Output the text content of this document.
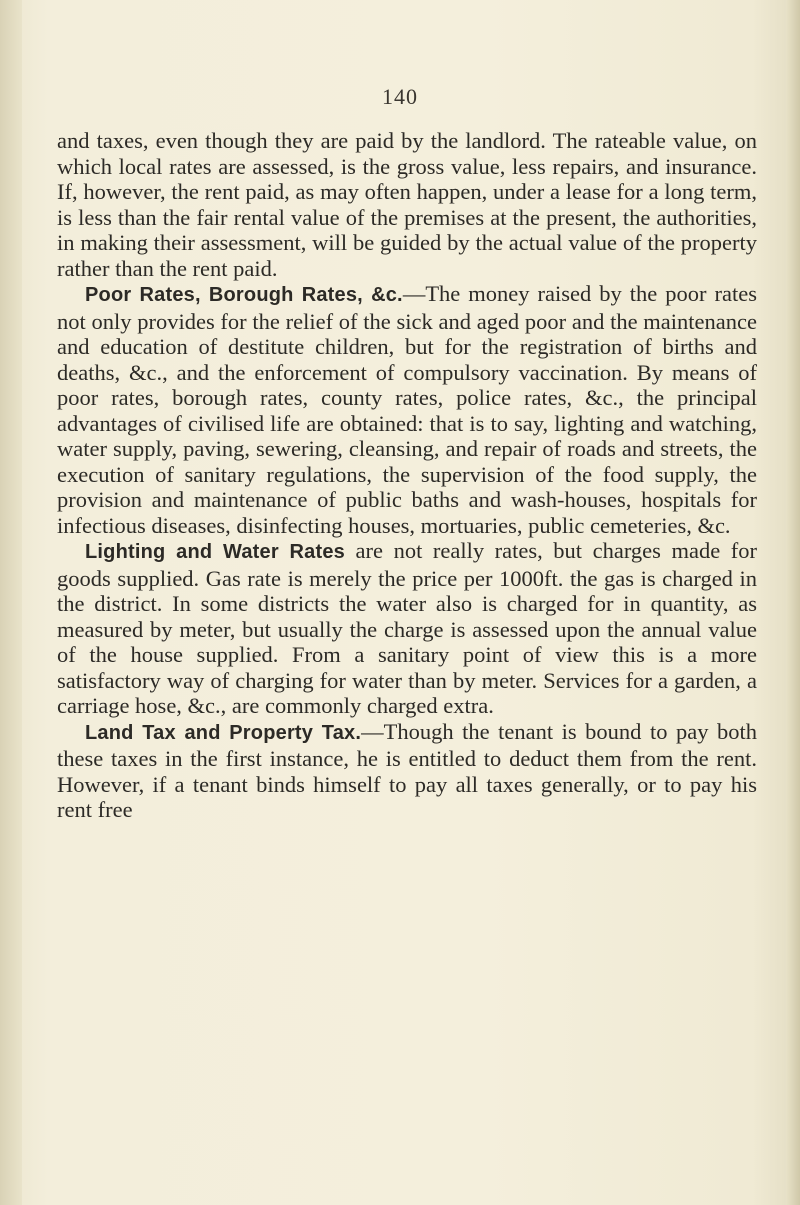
140

and taxes, even though they are paid by the landlord. The rateable value, on which local rates are assessed, is the gross value, less repairs, and insurance. If, however, the rent paid, as may often happen, under a lease for a long term, is less than the fair rental value of the premises at the present, the authorities, in making their assessment, will be guided by the actual value of the property rather than the rent paid.

Poor Rates, Borough Rates, &c.—The money raised by the poor rates not only provides for the relief of the sick and aged poor and the maintenance and education of destitute children, but for the registration of births and deaths, &c., and the enforcement of compulsory vaccination. By means of poor rates, borough rates, county rates, police rates, &c., the principal advantages of civilised life are obtained: that is to say, lighting and watching, water supply, paving, sewering, cleansing, and repair of roads and streets, the execution of sanitary regulations, the supervision of the food supply, the provision and maintenance of public baths and wash-houses, hospitals for infectious diseases, disinfecting houses, mortuaries, public cemeteries, &c.

Lighting and Water Rates are not really rates, but charges made for goods supplied. Gas rate is merely the price per 1000ft. the gas is charged in the district. In some districts the water also is charged for in quantity, as measured by meter, but usually the charge is assessed upon the annual value of the house supplied. From a sanitary point of view this is a more satisfactory way of charging for water than by meter. Services for a garden, a carriage hose, &c., are commonly charged extra.

Land Tax and Property Tax.—Though the tenant is bound to pay both these taxes in the first instance, he is entitled to deduct them from the rent. However, if a tenant binds himself to pay all taxes generally, or to pay his rent free
